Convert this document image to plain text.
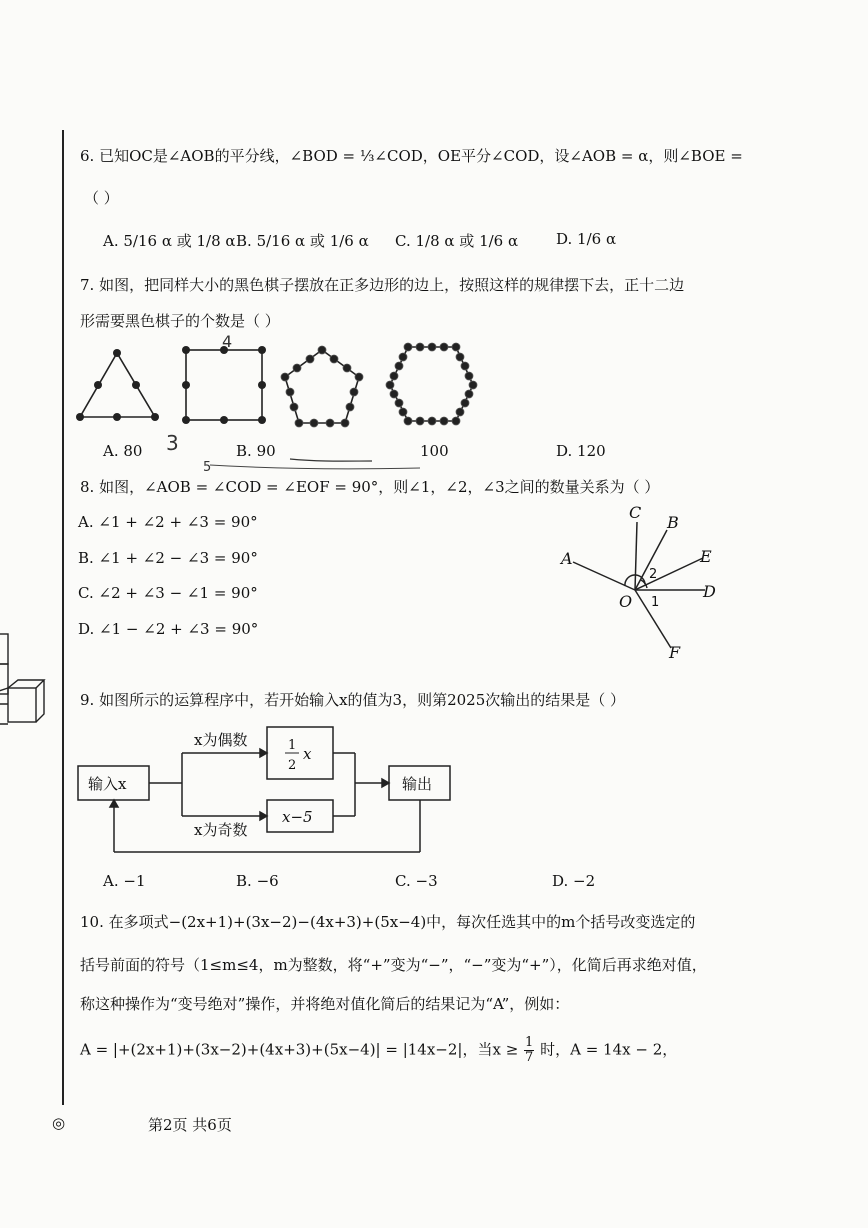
6. 已知OC是∠AOB的平分线，∠BOD = ⅓∠COD，OE平分∠COD，设∠AOB = α，则∠BOE =
（ ）
A. 5/16 α 或 1/8 α B. 5/16 α 或 1/6 α C. 1/8 α 或 1/6 α	D. 1/6 α
7. 如图，把同样大小的黑色棋子摆放在正多边形的边上，按照这样的规律摆下去，正十二边
形需要黑色棋子的个数是（ ）
4
3
5
A. 80	B. 90	100	D. 120
8. 如图，∠AOB = ∠COD = ∠EOF = 90°，则∠1，∠2，∠3之间的数量关系为（ ）
A. ∠1 + ∠2 + ∠3 = 90°
B. ∠1 + ∠2 − ∠3 = 90°
C. ∠2 + ∠3 − ∠1 = 90°
D. ∠1 − ∠2 + ∠3 = 90°
C
B
A	E
D
O
F
1
2
9. 如图所示的运算程序中，若开始输入x的值为3，则第2025次输出的结果是（ ）
输入x
x为偶数
x为奇数
1
2
x
x−5
输出
A. −1	B. −6	C. −3	D. −2
10. 在多项式−(2x+1)+(3x−2)−(4x+3)+(5x−4)中，每次任选其中的m个括号改变选定的
括号前面的符号（1≤m≤4，m为整数，将“+”变为“−”，“−”变为“+”），化简后再求绝对值，
称这种操作为“变号绝对”操作，并将绝对值化简后的结果记为“A”，例如：
A = |+(2x+1)+(3x−2)+(4x+3)+(5x−4)| = |14x−2|，当$x \ge \frac{1}{7}$ 时，A = 14x − 2，
◎	第2页 共6页
